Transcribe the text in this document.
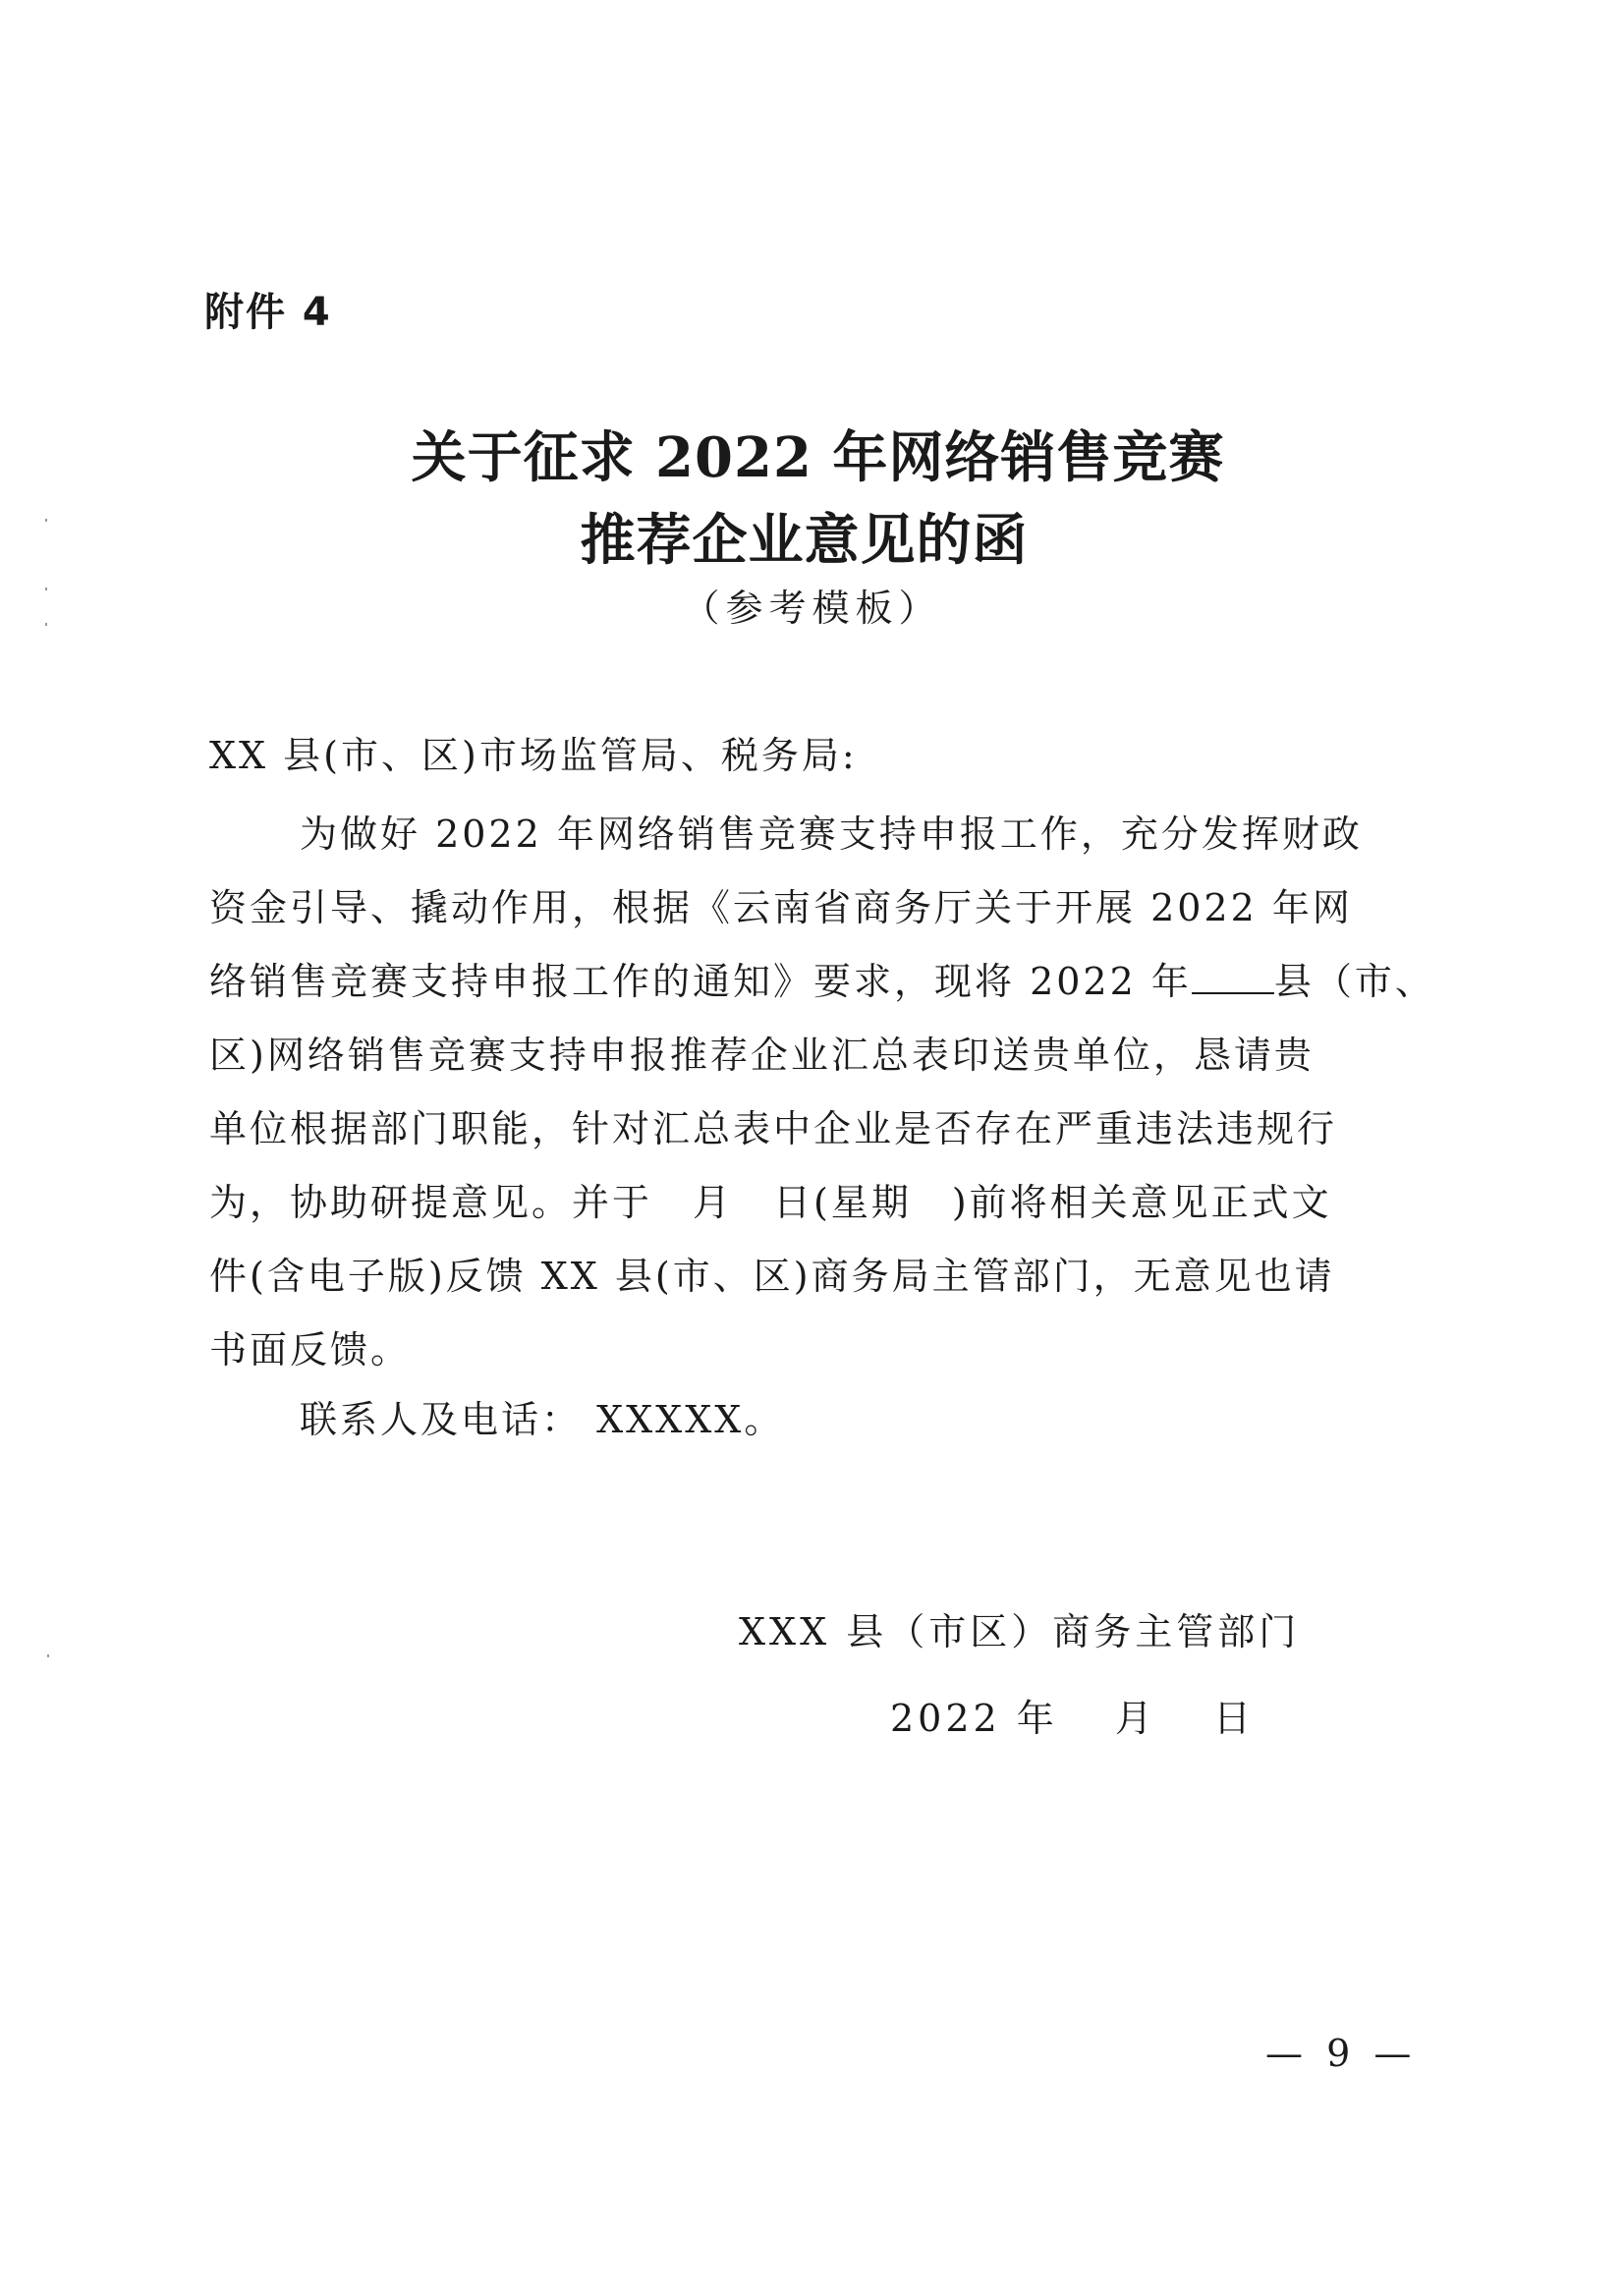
附件 4
关于征求 2022 年网络销售竞赛
推荐企业意见的函
（参考模板）
XX 县(市、区)市场监管局、税务局:
为做好 2022 年网络销售竞赛支持申报工作，充分发挥财政
资金引导、撬动作用，根据《云南省商务厅关于开展 2022 年网
络销售竞赛支持申报工作的通知》要求，现将 2022 年 县（市、
区)网络销售竞赛支持申报推荐企业汇总表印送贵单位，恳请贵
单位根据部门职能，针对汇总表中企业是否存在严重违法违规行
为，协助研提意见。并于　月　日(星期　)前将相关意见正式文
件(含电子版)反馈 XX 县(市、区)商务局主管部门，无意见也请
书面反馈。
联系人及电话： XXXXX。
XXX 县（市区）商务主管部门
2022 年　 月　 日
— 9 —
